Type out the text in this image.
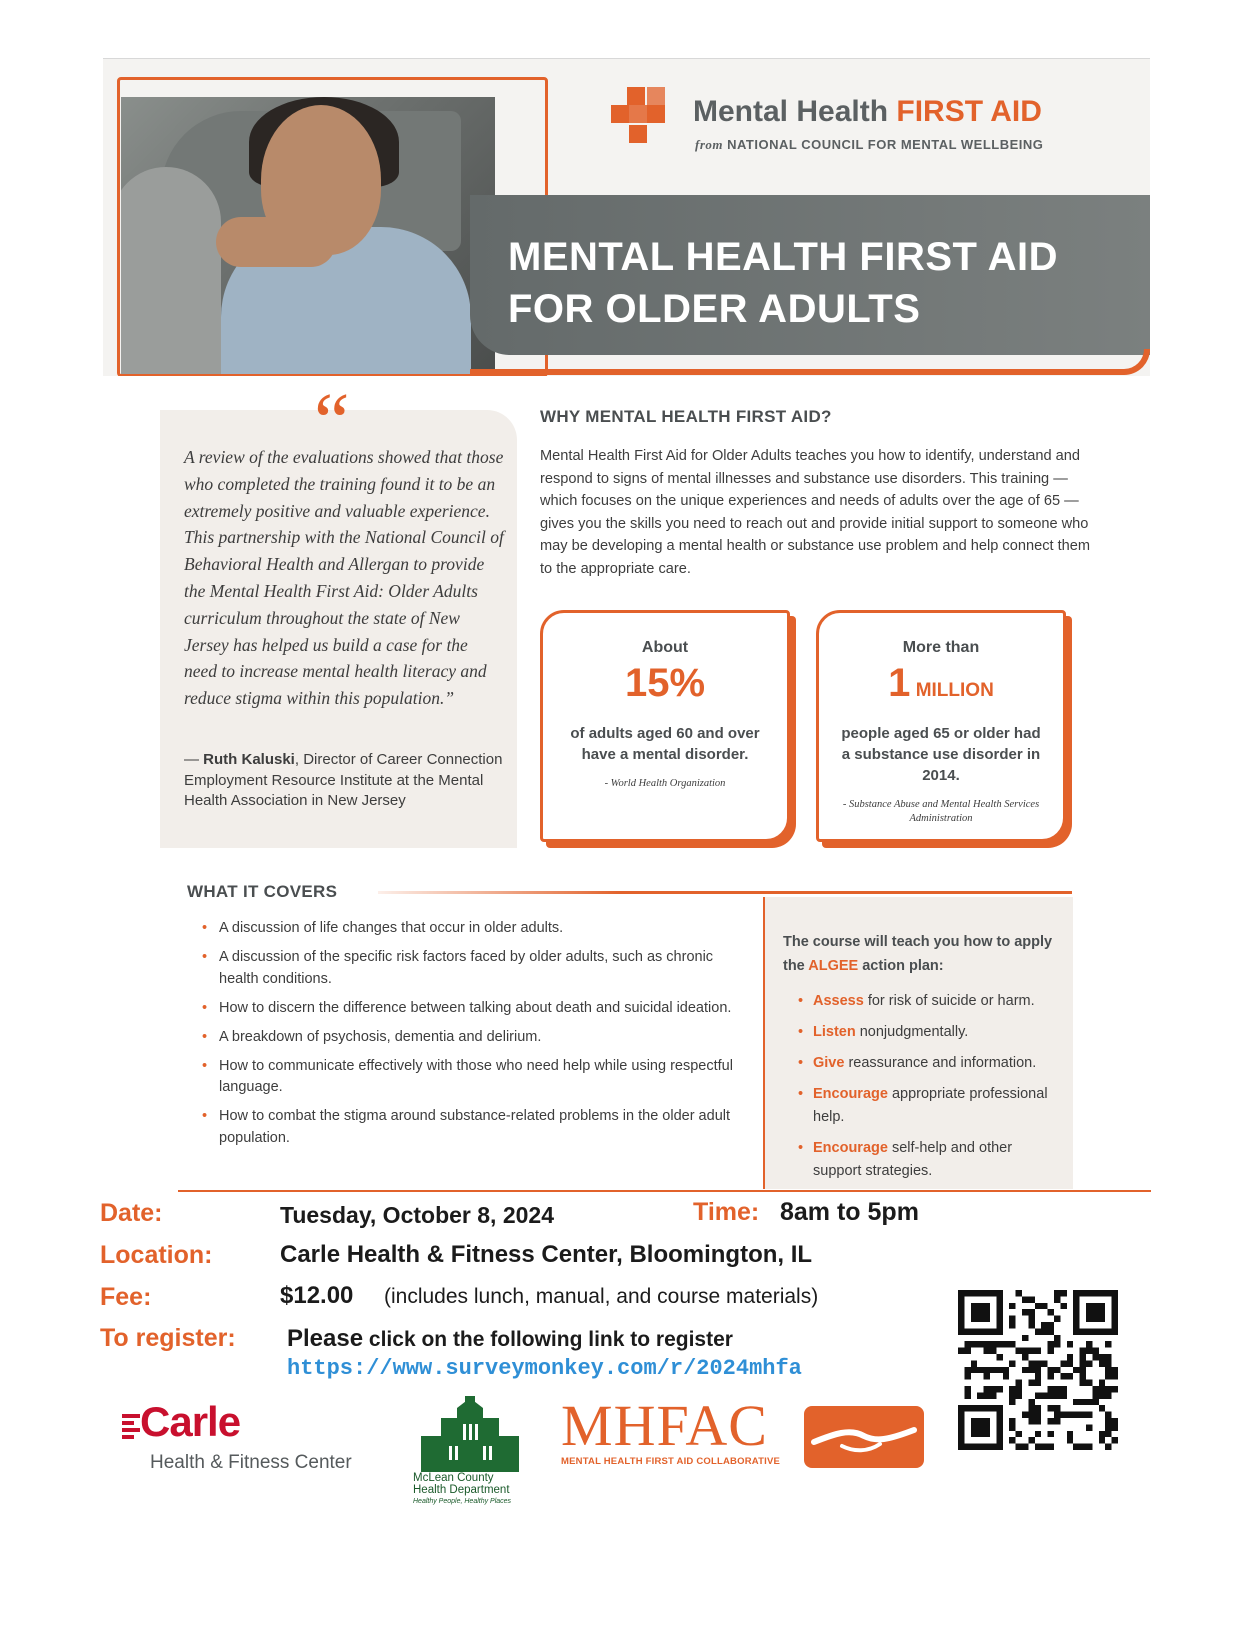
Mental Health FIRST AID
from NATIONAL COUNCIL FOR MENTAL WELLBEING
MENTAL HEALTH FIRST AID
FOR OLDER ADULTS
“
A review of the evaluations showed that those who completed the training found it to be an extremely positive and valuable experience. This partnership with the National Council of Behavioral Health and Allergan to provide the Mental Health First Aid: Older Adults curriculum throughout the state of New Jersey has helped us build a case for the need to increase mental health literacy and reduce stigma within this population.”
— Ruth Kaluski, Director of Career Connection Employment Resource Institute at the Mental Health Association in New Jersey
WHY MENTAL HEALTH FIRST AID?
Mental Health First Aid for Older Adults teaches you how to identify, understand and respond to signs of mental illnesses and substance use disorders. This training — which focuses on the unique experiences and needs of adults over the age of 65 — gives you the skills you need to reach out and provide initial support to someone who may be developing a mental health or substance use problem and help connect them to the appropriate care.
About
15%
of adults aged 60 and over have a mental disorder.
- World Health Organization
More than
1 MILLION
people aged 65 or older had a substance use disorder in 2014.
- Substance Abuse and Mental Health Services Administration
WHAT IT COVERS
• A discussion of life changes that occur in older adults.
• A discussion of the specific risk factors faced by older adults, such as chronic health conditions.
• How to discern the difference between talking about death and suicidal ideation.
• A breakdown of psychosis, dementia and delirium.
• How to communicate effectively with those who need help while using respectful language.
• How to combat the stigma around substance-related problems in the older adult population.
The course will teach you how to apply the ALGEE action plan:
• Assess for risk of suicide or harm.
• Listen nonjudgmentally.
• Give reassurance and information.
• Encourage appropriate professional help.
• Encourage self-help and other support strategies.
Date:	Tuesday, October 8, 2024	Time: 8am to 5pm
Location:	Carle Health & Fitness Center, Bloomington, IL
Fee:	$12.00 (includes lunch, manual, and course materials)
To register: Please click on the following link to register
https://www.surveymonkey.com/r/2024mhfa
Carle
Health & Fitness Center
McLean County
Health Department
Healthy People, Healthy Places
MHFAC
MENTAL HEALTH FIRST AID COLLABORATIVE
